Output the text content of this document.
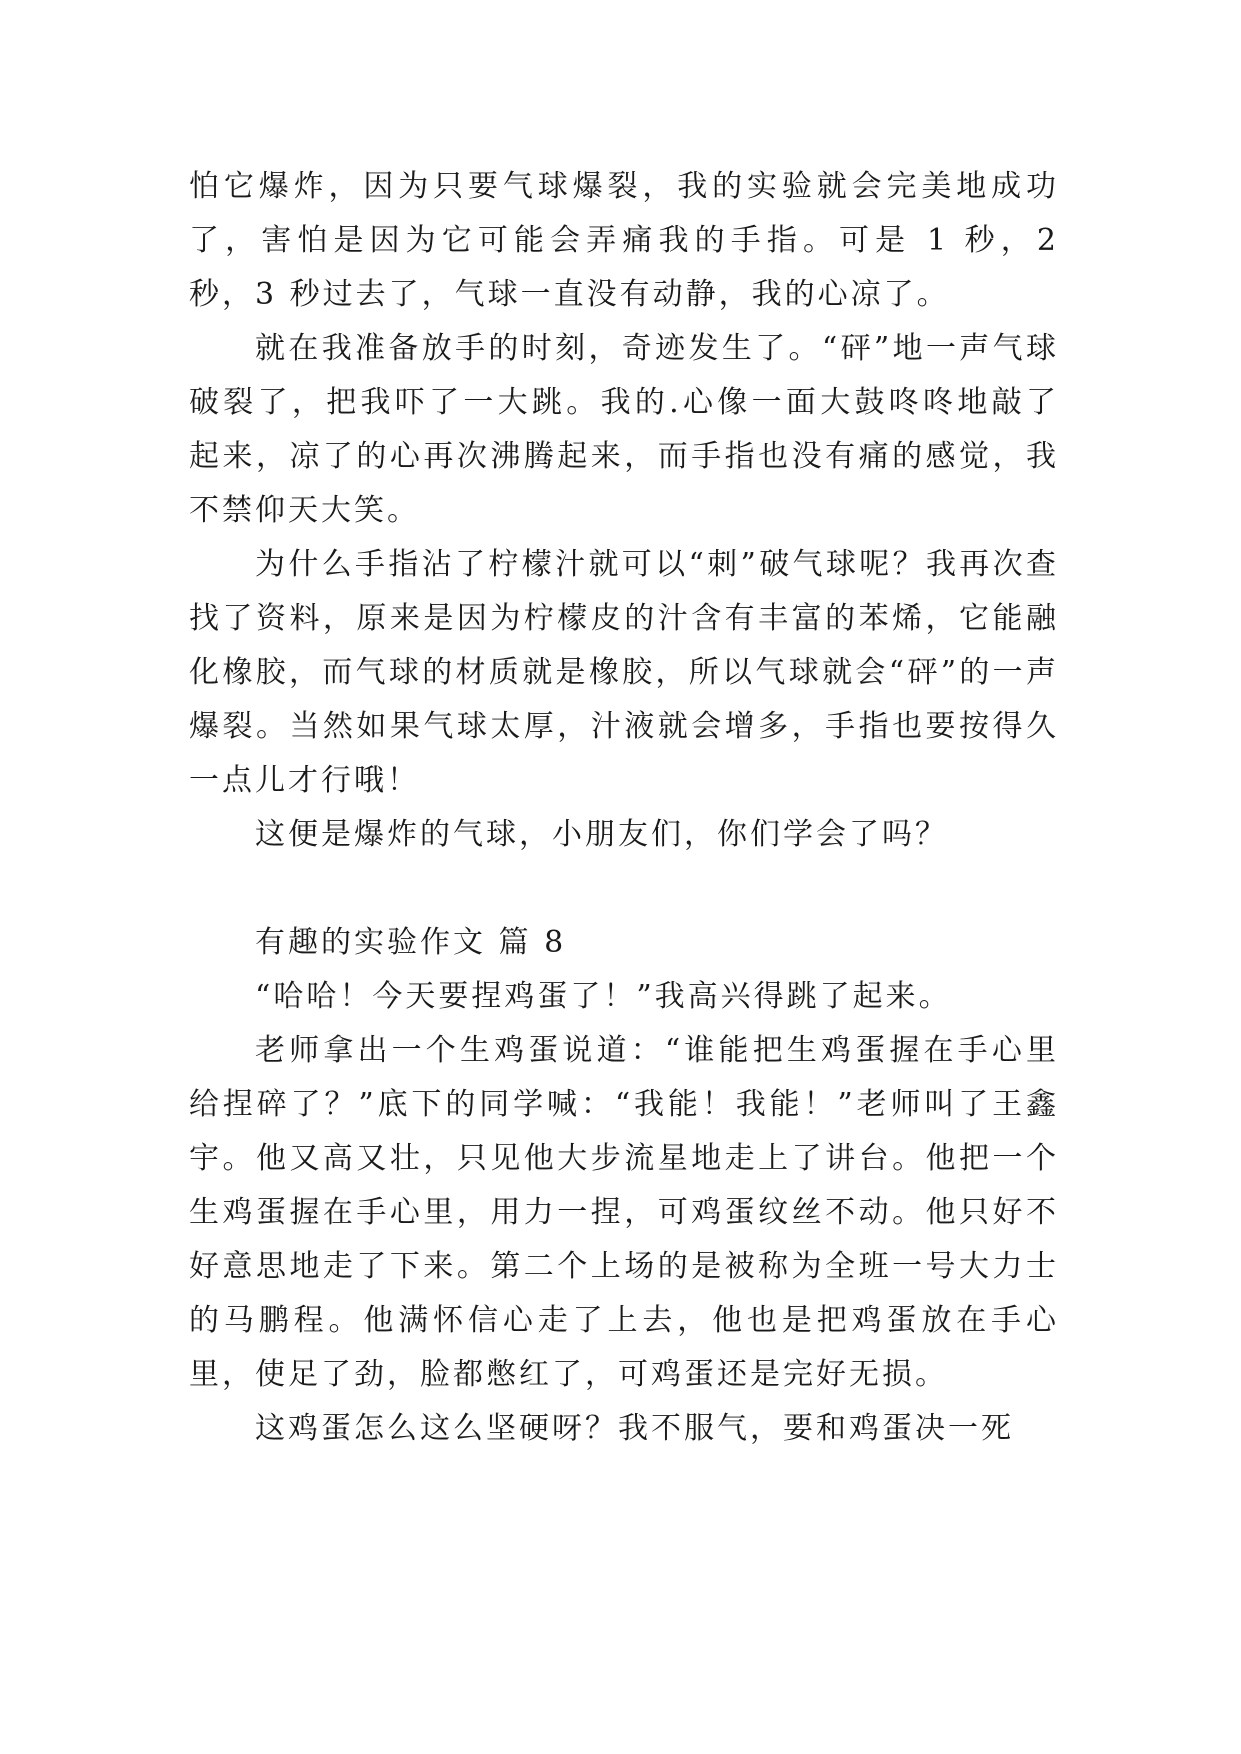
怕它爆炸，因为只要气球爆裂，我的实验就会完美地成功了，害怕是因为它可能会弄痛我的手指。可是 1 秒，2 秒，3 秒过去了，气球一直没有动静，我的心凉了。

就在我准备放手的时刻，奇迹发生了。“砰”地一声气球破裂了，把我吓了一大跳。我的.心像一面大鼓咚咚地敲了起来，凉了的心再次沸腾起来，而手指也没有痛的感觉，我不禁仰天大笑。

为什么手指沾了柠檬汁就可以“刺”破气球呢？我再次查找了资料，原来是因为柠檬皮的汁含有丰富的苯烯，它能融化橡胶，而气球的材质就是橡胶，所以气球就会“砰”的一声爆裂。当然如果气球太厚，汁液就会增多，手指也要按得久一点儿才行哦！

这便是爆炸的气球，小朋友们，你们学会了吗？

有趣的实验作文 篇 8

“哈哈！今天要捏鸡蛋了！”我高兴得跳了起来。

老师拿出一个生鸡蛋说道：“谁能把生鸡蛋握在手心里给捏碎了？”底下的同学喊：“我能！我能！”老师叫了王鑫宇。他又高又壮，只见他大步流星地走上了讲台。他把一个生鸡蛋握在手心里，用力一捏，可鸡蛋纹丝不动。他只好不好意思地走了下来。第二个上场的是被称为全班一号大力士的马鹏程。他满怀信心走了上去，他也是把鸡蛋放在手心里，使足了劲，脸都憋红了，可鸡蛋还是完好无损。

这鸡蛋怎么这么坚硬呀？我不服气，要和鸡蛋决一死
